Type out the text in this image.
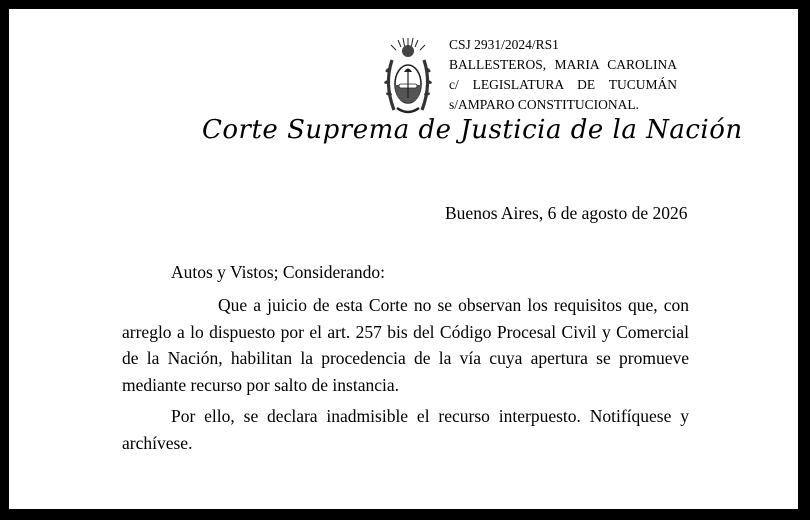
CSJ 2931/2024/RS1
BALLESTEROS, MARIA CAROLINA
c/ LEGISLATURA DE TUCUMÁN
s/AMPARO CONSTITUCIONAL.
Corte Suprema de Justicia de la Nación
Buenos Aires, 6 de agosto de 2026
Autos y Vistos; Considerando:

Que a juicio de esta Corte no se observan los requisitos que, con arreglo a lo dispuesto por el art. 257 bis del Código Procesal Civil y Comercial de la Nación, habilitan la procedencia de la vía cuya apertura se promueve mediante recurso por salto de instancia.

Por ello, se declara inadmisible el recurso interpuesto. Notifíquese y archívese.
